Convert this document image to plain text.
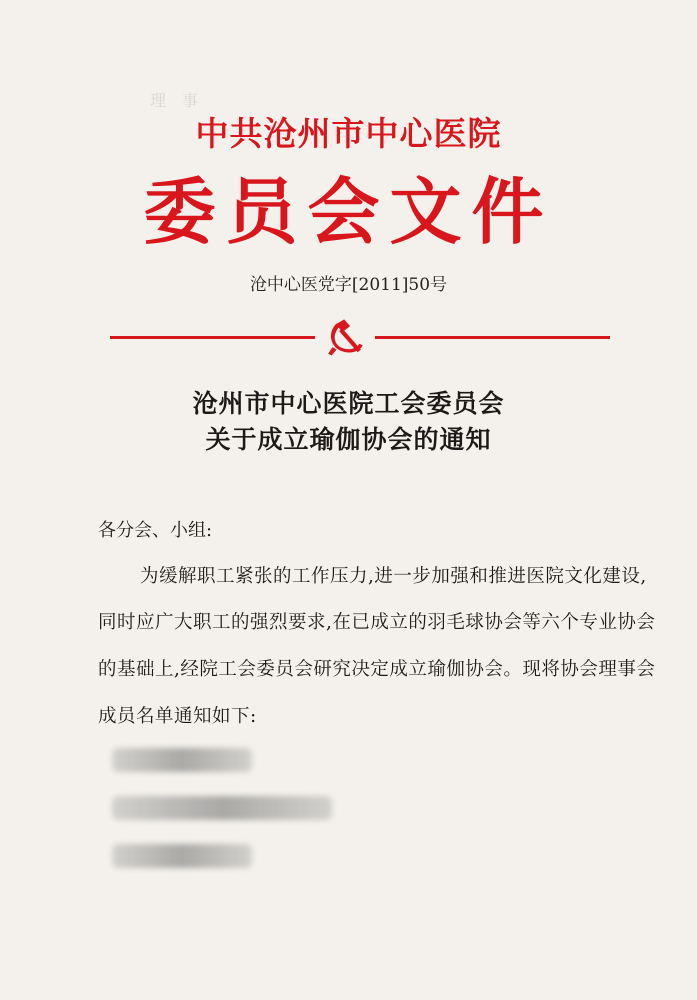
理　事　　　　　　　　　　　
中共沧州市中心医院
委员会文件
沧中心医党字[2011]50号
沧州市中心医院工会委员会
关于成立瑜伽协会的通知
各分会、小组:
为缓解职工紧张的工作压力,进一步加强和推进医院文化建设,
同时应广大职工的强烈要求,在已成立的羽毛球协会等六个专业协会
的基础上,经院工会委员会研究决定成立瑜伽协会。现将协会理事会
成员名单通知如下:
